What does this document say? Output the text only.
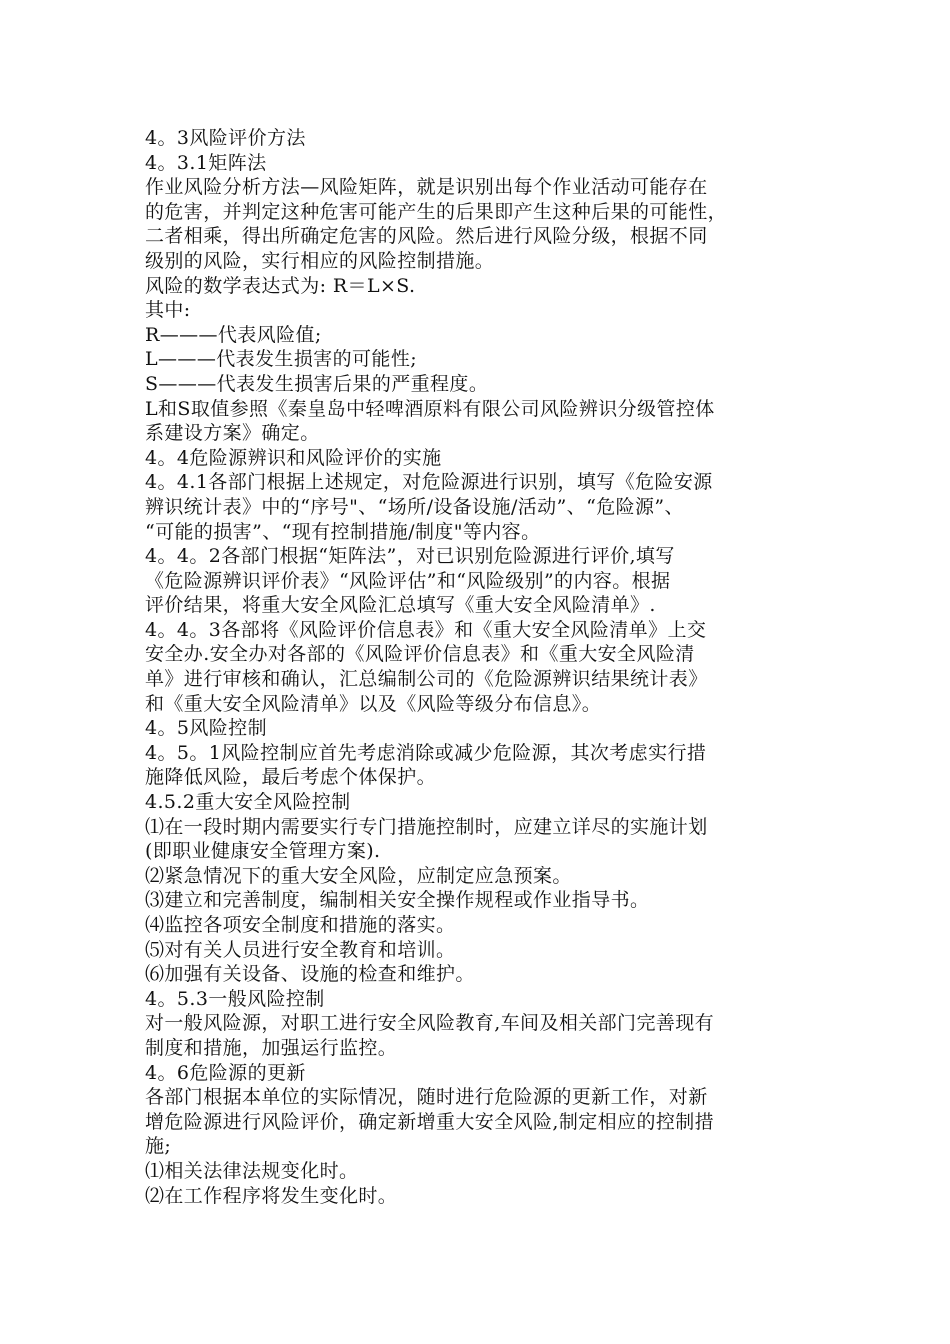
4。3风险评价方法
4。3.1矩阵法
作业风险分析方法—风险矩阵，就是识别出每个作业活动可能存在
的危害，并判定这种危害可能产生的后果即产生这种后果的可能性，
二者相乘，得出所确定危害的风险。然后进行风险分级，根据不同
级别的风险，实行相应的风险控制措施。
风险的数学表达式为: R＝L×S.
其中:
R———代表风险值;
L———代表发生损害的可能性;
S———代表发生损害后果的严重程度。
L和S取值参照《秦皇岛中轻啤酒原料有限公司风险辨识分级管控体
系建设方案》确定。
4。4危险源辨识和风险评价的实施
4。4.1各部门根据上述规定，对危险源进行识别，填写《危险安源
辨识统计表》中的“序号"、“场所/设备设施/活动”、“危险源”、
“可能的损害”、“现有控制措施/制度"等内容。
4。4。2各部门根据“矩阵法”，对已识别危险源进行评价,填写
《危险源辨识评价表》“风险评估”和“风险级别”的内容。根据
评价结果，将重大安全风险汇总填写《重大安全风险清单》.
4。4。3各部将《风险评价信息表》和《重大安全风险清单》上交
安全办.安全办对各部的《风险评价信息表》和《重大安全风险清
单》进行审核和确认，汇总编制公司的《危险源辨识结果统计表》
和《重大安全风险清单》以及《风险等级分布信息》。
4。5风险控制
4。5。1风险控制应首先考虑消除或减少危险源，其次考虑实行措
施降低风险，最后考虑个体保护。
4.5.2重大安全风险控制
⑴在一段时期内需要实行专门措施控制时，应建立详尽的实施计划
(即职业健康安全管理方案).
⑵紧急情况下的重大安全风险，应制定应急预案。
⑶建立和完善制度，编制相关安全操作规程或作业指导书。
⑷监控各项安全制度和措施的落实。
⑸对有关人员进行安全教育和培训。
⑹加强有关设备、设施的检查和维护。
4。5.3一般风险控制
对一般风险源，对职工进行安全风险教育,车间及相关部门完善现有
制度和措施，加强运行监控。
4。6危险源的更新
各部门根据本单位的实际情况，随时进行危险源的更新工作，对新
增危险源进行风险评价，确定新增重大安全风险,制定相应的控制措
施;
⑴相关法律法规变化时。
⑵在工作程序将发生变化时。
